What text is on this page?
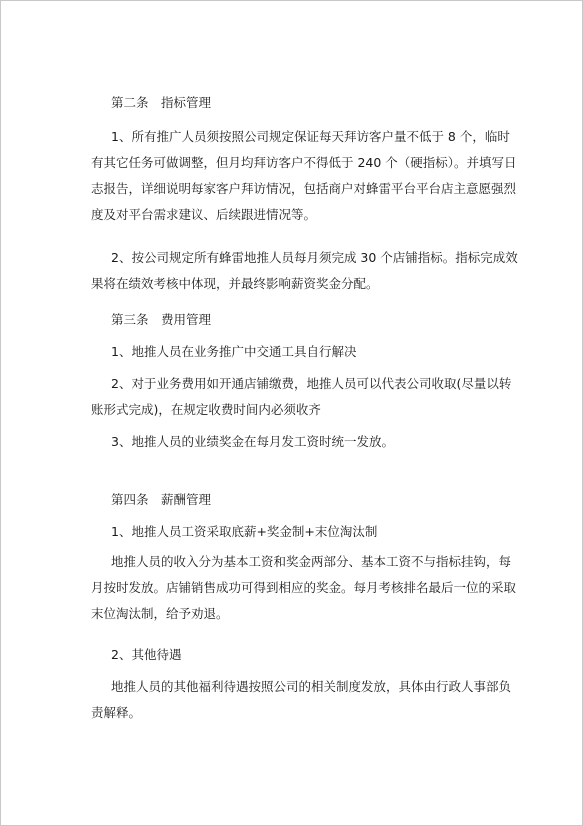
第二条　指标管理
1、所有推广人员须按照公司规定保证每天拜访客户量不低于 8 个，临时
有其它任务可做调整，但月均拜访客户不得低于 240 个（硬指标）。并填写日
志报告，详细说明每家客户拜访情况，包括商户对蜂雷平台平台店主意愿强烈
度及对平台需求建议、后续跟进情况等。
2、按公司规定所有蜂雷地推人员每月须完成 30 个店铺指标。指标完成效
果将在绩效考核中体现，并最终影响薪资奖金分配。
第三条　费用管理
1、地推人员在业务推广中交通工具自行解决
2、对于业务费用如开通店铺缴费，地推人员可以代表公司收取(尽量以转
账形式完成)，在规定收费时间内必须收齐
3、地推人员的业绩奖金在每月发工资时统一发放。
第四条　薪酬管理
1、地推人员工资采取底薪+奖金制+末位淘汰制
地推人员的收入分为基本工资和奖金两部分、基本工资不与指标挂钩，每
月按时发放。店铺销售成功可得到相应的奖金。每月考核排名最后一位的采取
末位淘汰制，给予劝退。
2、其他待遇
地推人员的其他福利待遇按照公司的相关制度发放，具体由行政人事部负
责解释。
